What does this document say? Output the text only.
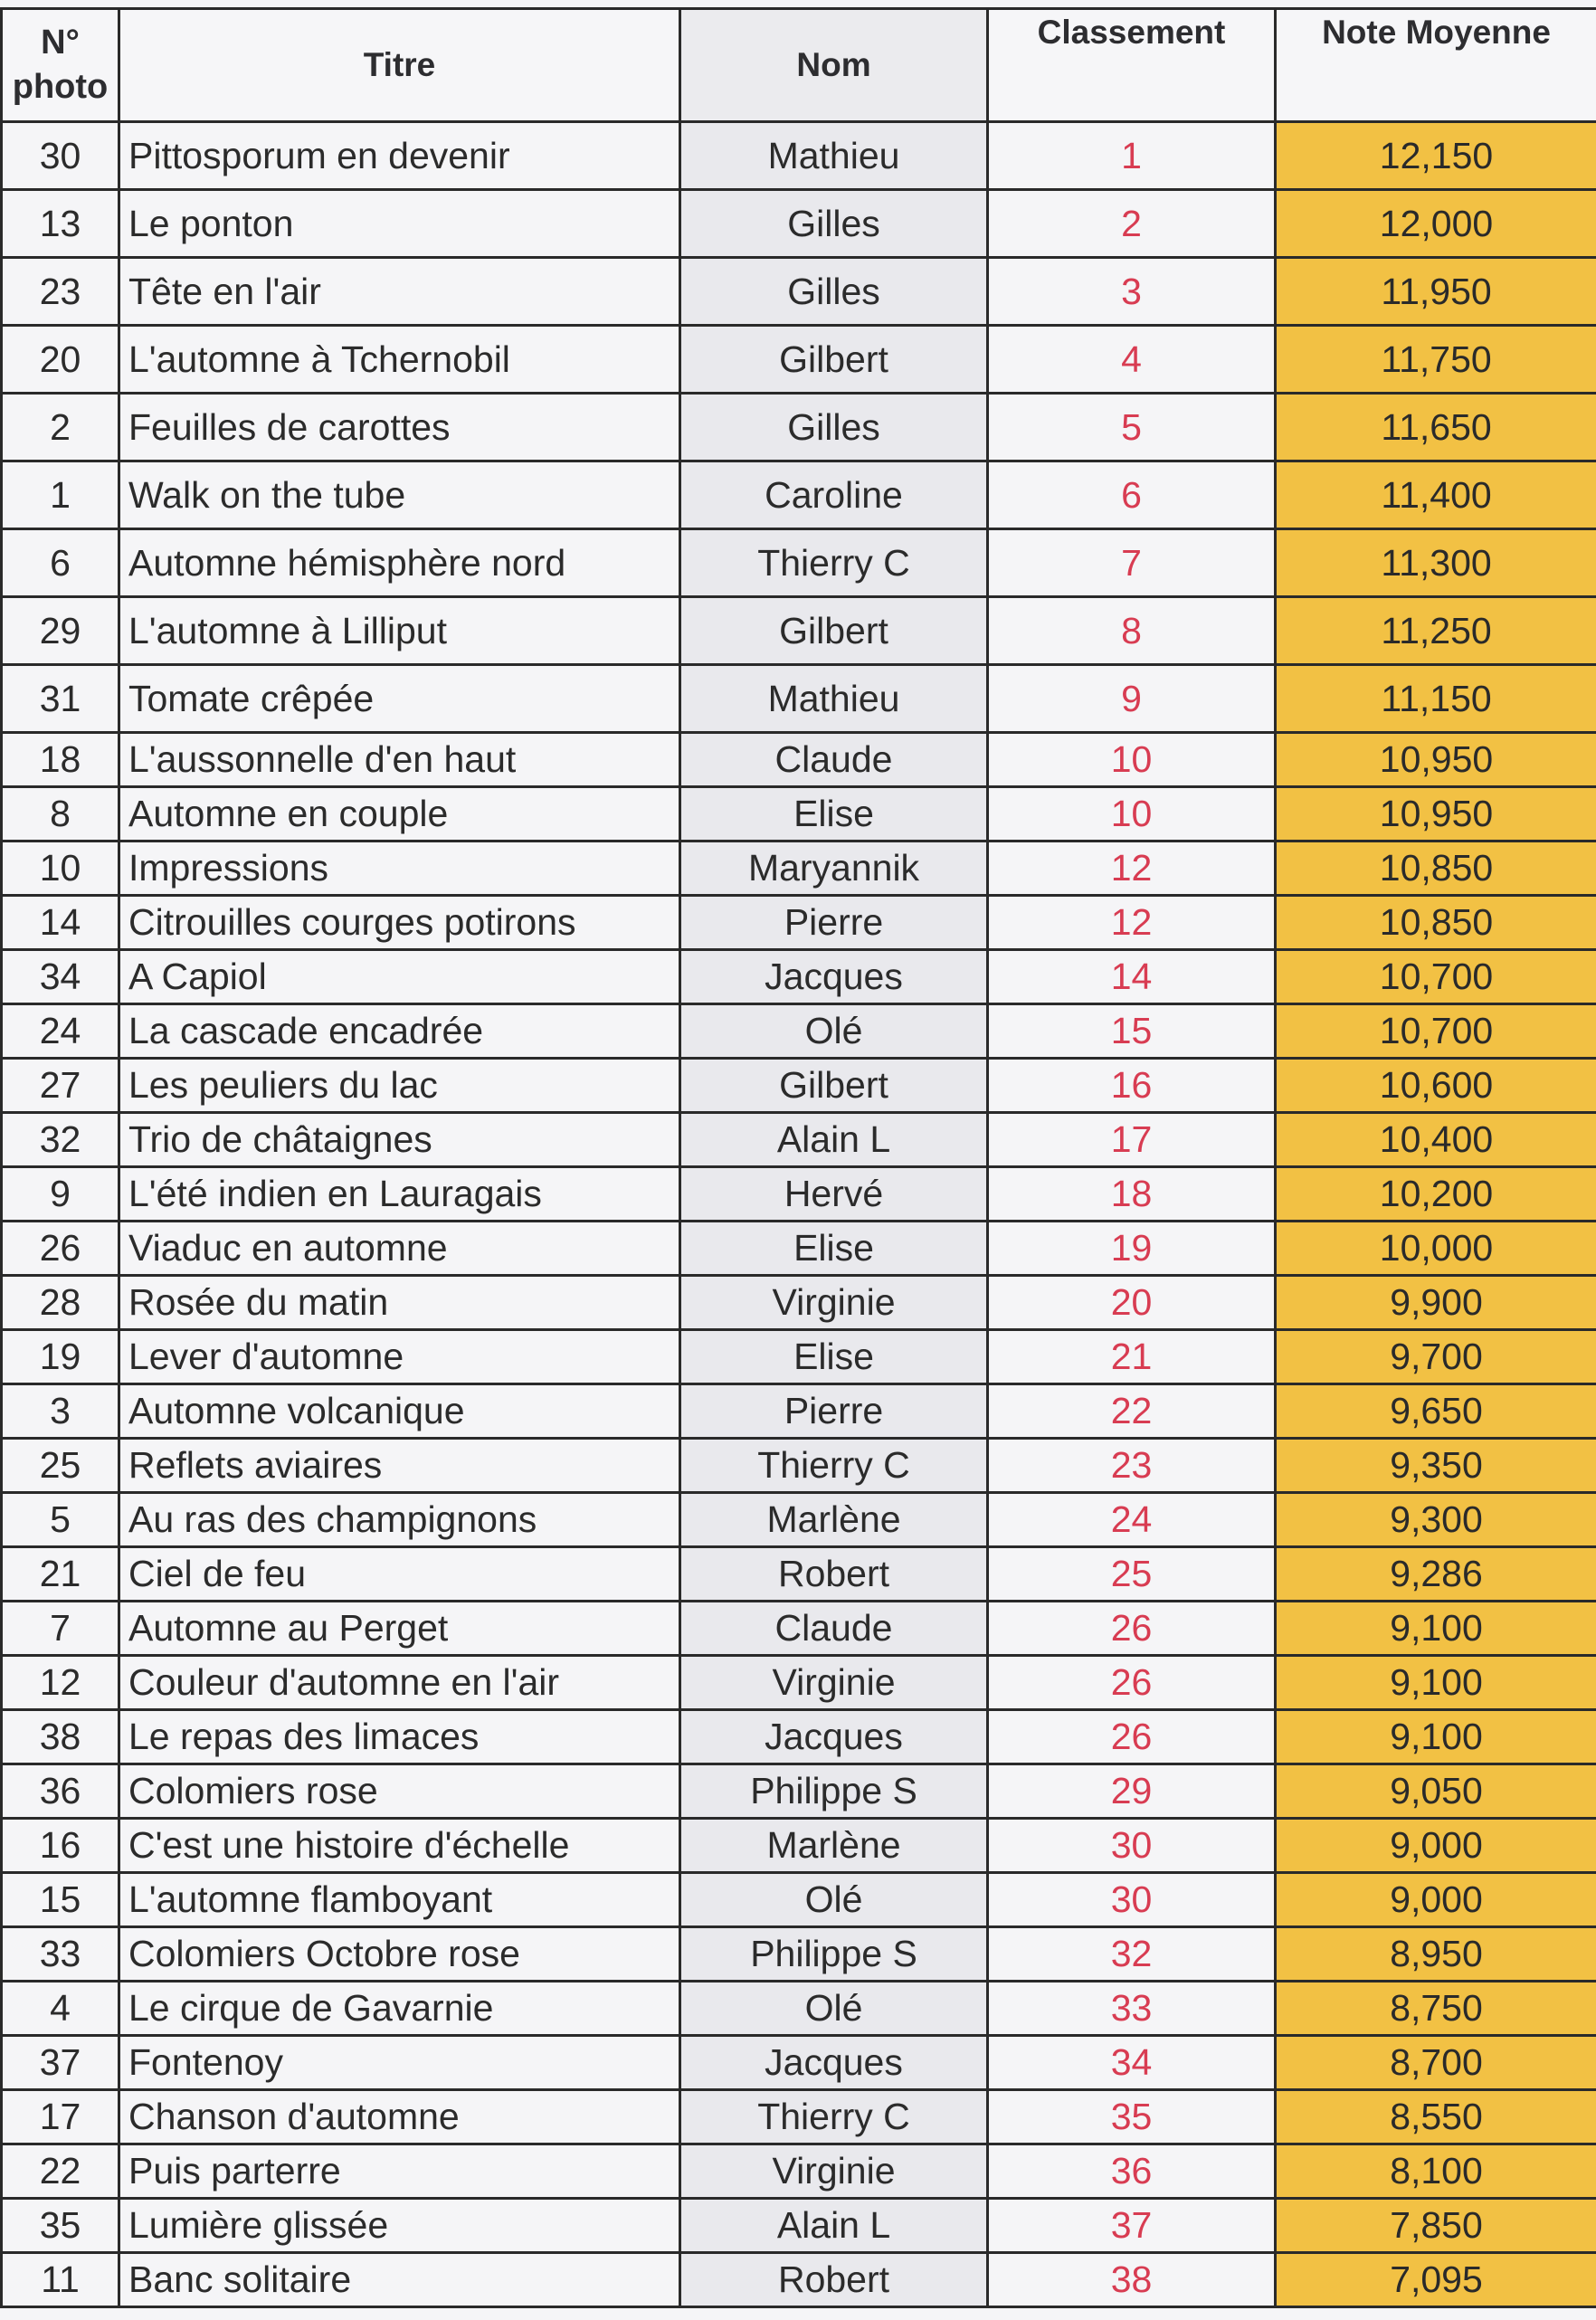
N°
photo	Titre	Nom	Classement	Note Moyenne
30	Pittosporum en devenir	Mathieu	1	12,150
13	Le ponton	Gilles	2	12,000
23	Tête en l'air	Gilles	3	11,950
20	L'automne à Tchernobil	Gilbert	4	11,750
2	Feuilles de carottes	Gilles	5	11,650
1	Walk on the tube	Caroline	6	11,400
6	Automne hémisphère nord	Thierry C	7	11,300
29	L'automne à Lilliput	Gilbert	8	11,250
31	Tomate crêpée	Mathieu	9	11,150
18	L'aussonnelle d'en haut	Claude	10	10,950
8	Automne en couple	Elise	10	10,950
10	Impressions	Maryannik	12	10,850
14	Citrouilles courges potirons	Pierre	12	10,850
34	A Capiol	Jacques	14	10,700
24	La cascade encadrée	Olé	15	10,700
27	Les peuliers du lac	Gilbert	16	10,600
32	Trio de châtaignes	Alain L	17	10,400
9	L'été indien en Lauragais	Hervé	18	10,200
26	Viaduc en automne	Elise	19	10,000
28	Rosée du matin	Virginie	20	9,900
19	Lever d'automne	Elise	21	9,700
3	Automne volcanique	Pierre	22	9,650
25	Reflets aviaires	Thierry C	23	9,350
5	Au ras des champignons	Marlène	24	9,300
21	Ciel de feu	Robert	25	9,286
7	Automne au Perget	Claude	26	9,100
12	Couleur d'automne en l'air	Virginie	26	9,100
38	Le repas des limaces	Jacques	26	9,100
36	Colomiers rose	Philippe S	29	9,050
16	C'est une histoire d'échelle	Marlène	30	9,000
15	L'automne flamboyant	Olé	30	9,000
33	Colomiers Octobre rose	Philippe S	32	8,950
4	Le cirque de Gavarnie	Olé	33	8,750
37	Fontenoy	Jacques	34	8,700
17	Chanson d'automne	Thierry C	35	8,550
22	Puis parterre	Virginie	36	8,100
35	Lumière glissée	Alain L	37	7,850
11	Banc solitaire	Robert	38	7,095
